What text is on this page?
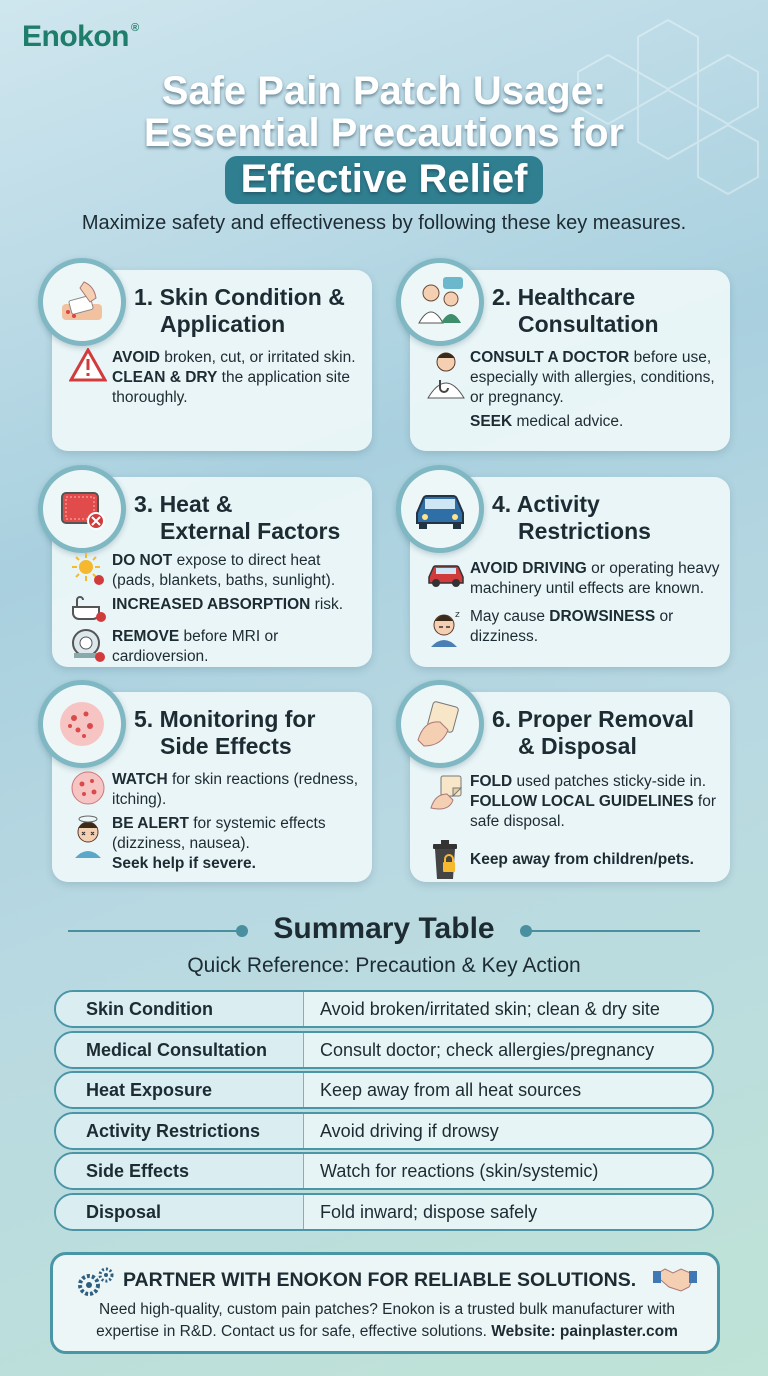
Enokon ®
Safe Pain Patch Usage:
Essential Precautions for
Effective Relief
Maximize safety and effectiveness by following these key measures.
1. Skin Condition &
Application
AVOID broken, cut, or irritated skin.
CLEAN & DRY the application site thoroughly.
2. Healthcare
Consultation
CONSULT A DOCTOR before use, especially with allergies, conditions, or pregnancy.
SEEK medical advice.
3. Heat &
External Factors
DO NOT expose to direct heat (pads, blankets, baths, sunlight).
INCREASED ABSORPTION risk.
REMOVE before MRI or cardioversion.
4. Activity
Restrictions
AVOID DRIVING or operating heavy machinery until effects are known.
z May cause DROWSINESS or dizziness.
5. Monitoring for
Side Effects
WATCH for skin reactions (redness, itching).
BE ALERT for systemic effects (dizziness, nausea).
Seek help if severe.
6. Proper Removal
& Disposal
FOLD used patches sticky-side in.
FOLLOW LOCAL GUIDELINES for safe disposal.
Keep away from children/pets.
Summary Table
Quick Reference: Precaution & Key Action
Skin Condition	Avoid broken/irritated skin; clean & dry site
Medical Consultation	Consult doctor; check allergies/pregnancy
Heat Exposure	Keep away from all heat sources
Activity Restrictions	Avoid driving if drowsy
Side Effects	Watch for reactions (skin/systemic)
Disposal	Fold inward; dispose safely
PARTNER WITH ENOKON FOR RELIABLE SOLUTIONS.
Need high-quality, custom pain patches? Enokon is a trusted bulk manufacturer with expertise in R&D. Contact us for safe, effective solutions. Website: painplaster.com
